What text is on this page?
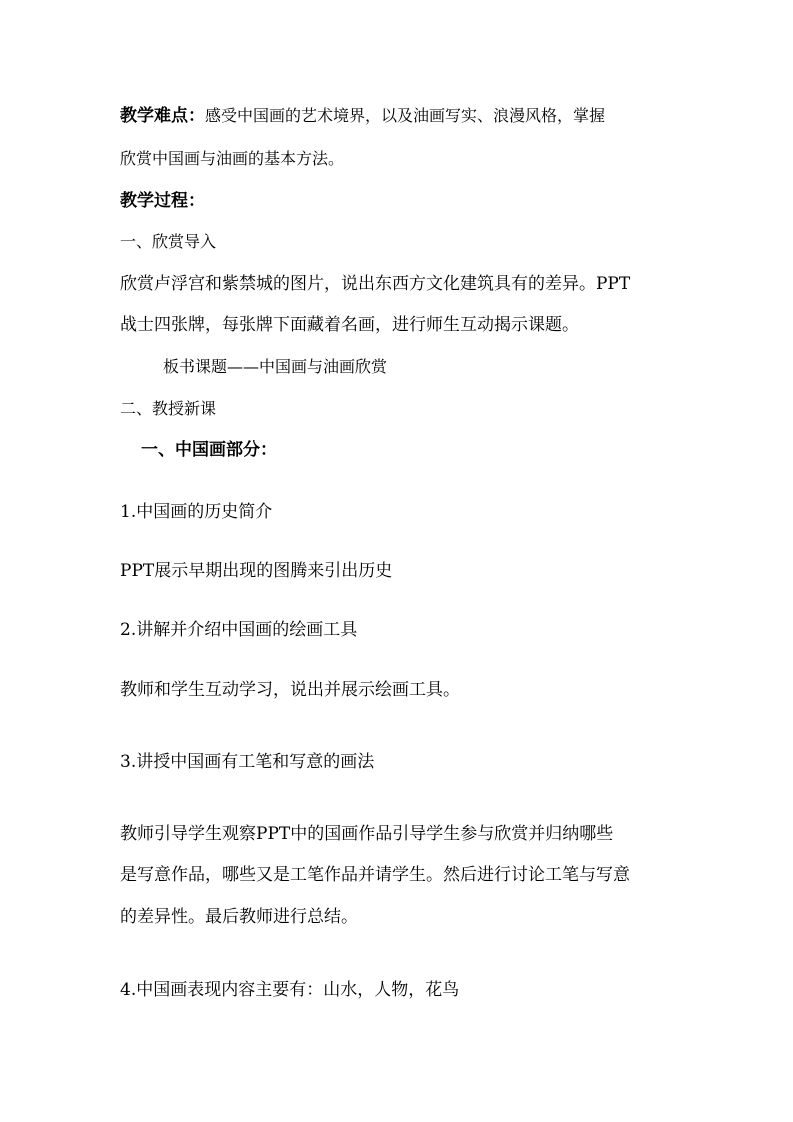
教学难点：感受中国画的艺术境界，以及油画写实、浪漫风格，掌握
欣赏中国画与油画的基本方法。
教学过程：
一、欣赏导入
欣赏卢浮宫和紫禁城的图片，说出东西方文化建筑具有的差异。PPT
战士四张牌，每张牌下面藏着名画，进行师生互动揭示课题。
板书课题——中国画与油画欣赏
二、教授新课
一、中国画部分：
1.中国画的历史简介
PPT展示早期出现的图腾来引出历史
2.讲解并介绍中国画的绘画工具
教师和学生互动学习，说出并展示绘画工具。
3.讲授中国画有工笔和写意的画法
教师引导学生观察PPT中的国画作品引导学生参与欣赏并归纳哪些
是写意作品，哪些又是工笔作品并请学生。然后进行讨论工笔与写意
的差异性。最后教师进行总结。
4.中国画表现内容主要有：山水，人物，花鸟
